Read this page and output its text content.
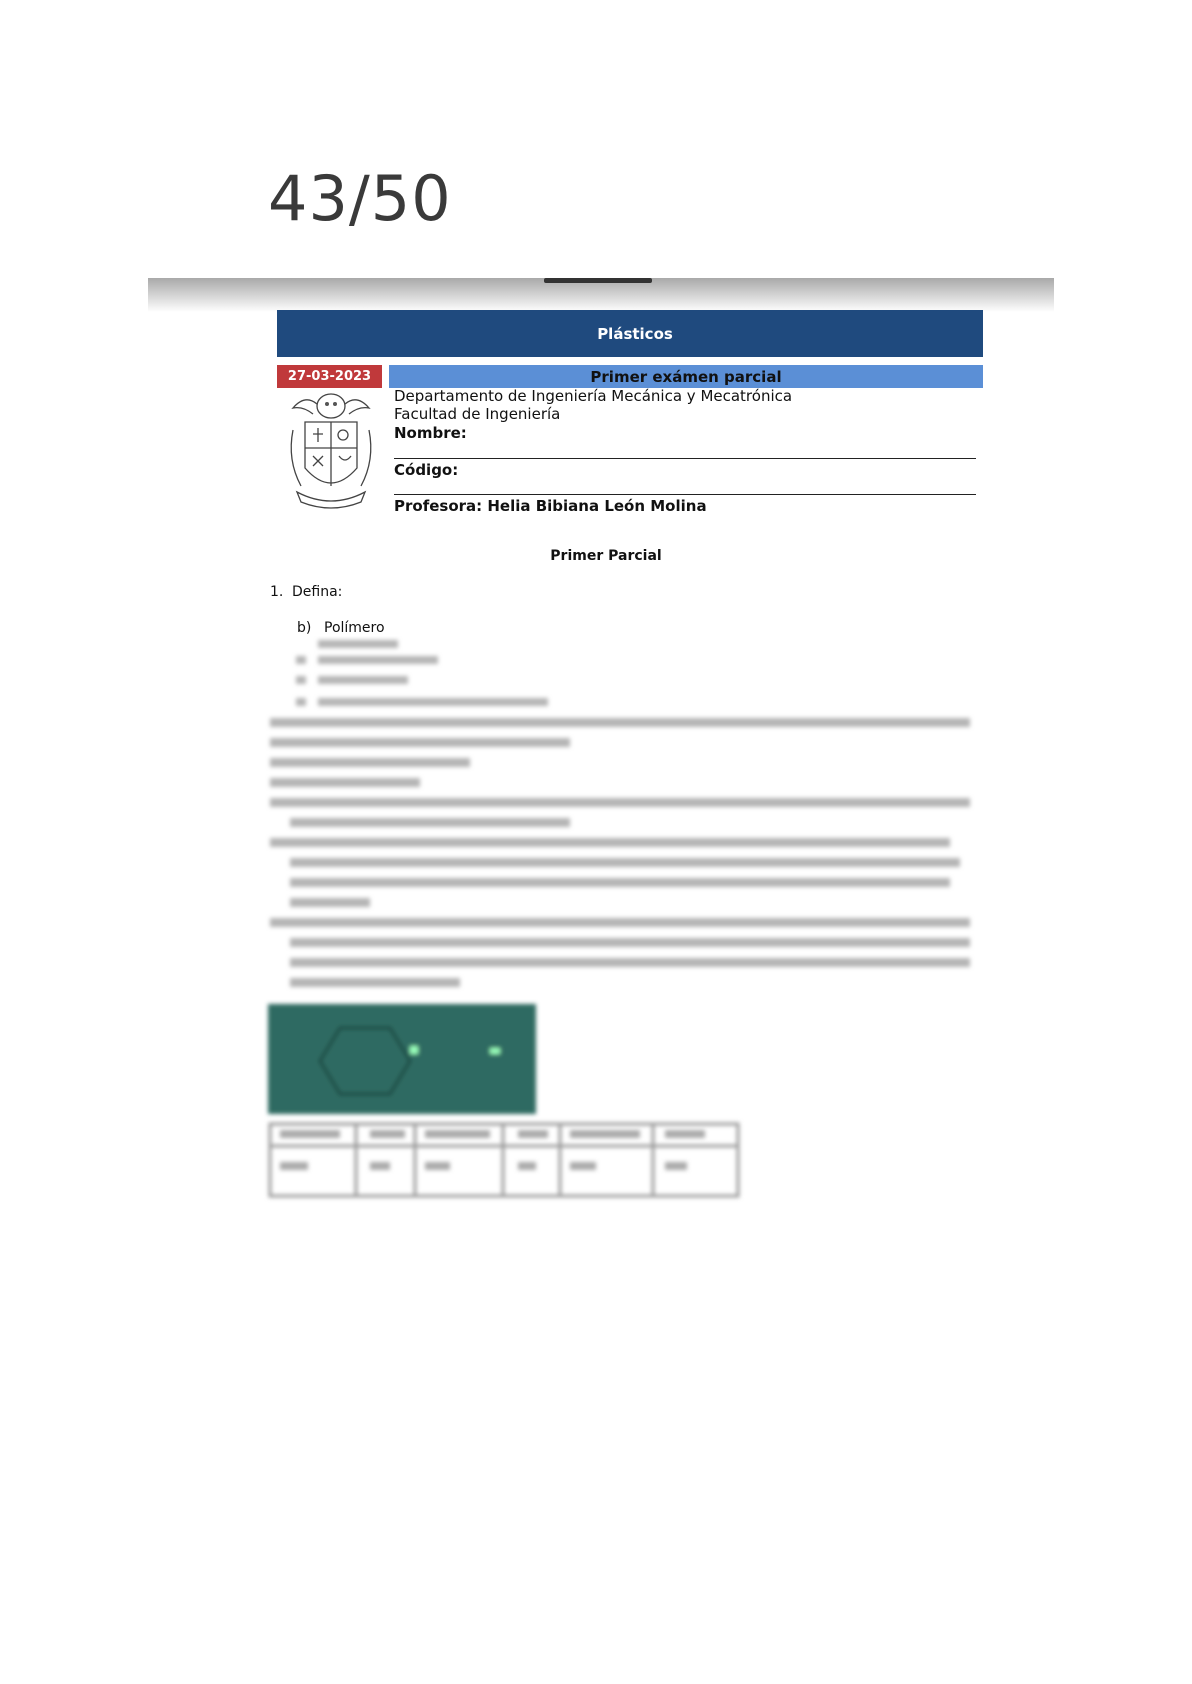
43/50
Plásticos
27-03-2023	Primer exámen parcial
Departamento de Ingeniería Mecánica y Mecatrónica
Facultad de Ingeniería
Nombre:
Código:
Profesora: Helia Bibiana León Molina
Primer Parcial
1. Defina:
b) Polímero
